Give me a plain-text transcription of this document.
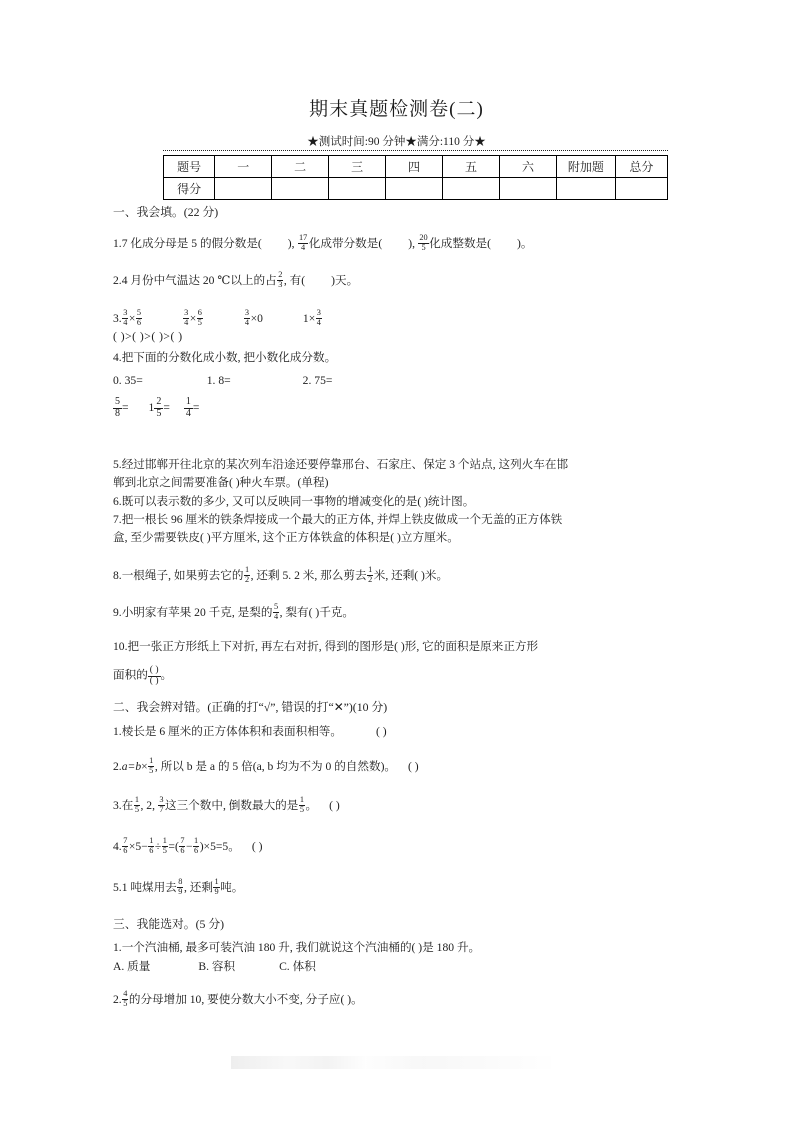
期末真题检测卷(二)
★测试时间:90 分钟★满分:110 分★
题号	一	二	三	四	五	六	附加题	总分
得分								
一、我会填。(22 分)
1.7 化成分母是 5 的假分数是( ), $\frac{17}{4}$ 化成带分数是( ), $\frac{20}{5}$ 化成整数是( )。
2.4 月份中气温达 20 ℃以上的占 $\frac{2}{3}$ , 有( )天。
3. $\frac{3}{4} \times \frac{5}{6}$	$\frac{3}{4} \times \frac{6}{5}$	$\frac{3}{4} \times 0$	$1\times \frac{3}{4}$
( )>( )>( )>( )
4.把下面的分数化成小数, 把小数化成分数。
0. 35=	1. 8=	2. 75=
$\frac{5}{8} = 1 \frac{2}{5} = \frac{1}{4}$ =
5.经过邯郸开往北京的某次列车沿途还要停靠邢台、石家庄、保定 3 个站点, 这列火车在邯
郸到北京之间需要准备( )种火车票。(单程)
6.既可以表示数的多少, 又可以反映同一事物的增减变化的是( )统计图。
7.把一根长 96 厘米的铁条焊接成一个最大的正方体, 并焊上铁皮做成一个无盖的正方体铁
盒, 至少需要铁皮( )平方厘米, 这个正方体铁盒的体积是( )立方厘米。
8.一根绳子, 如果剪去它的 $\frac{1}{2}$ , 还剩 5. 2 米, 那么剪去 $\frac{1}{2}$ 米, 还剩( )米。
9.小明家有苹果 20 千克, 是梨的 $\frac{5}{4}$ , 梨有( )千克。
10.把一张正方形纸上下对折, 再左右对折, 得到的图形是( )形, 它的面积是原来正方形
面积的 ( )
( ) 。
二、我会辨对错。(正确的打“√”, 错误的打“✕”)(10 分)
1.棱长是 6 厘米的正方体体积和表面积相等。	( )
$2.a=b\times \frac{1}{5}$ , 所以 b 是 a 的 5 倍(a, b 均为不为 0 的自然数)。 ( )
3.在 $\frac{1}{5}$ , 2, $\frac{3}{7}$ 这三个数中, 倒数最大的是 $\frac{1}{5}$ 。 ( )
4. $\frac{7}{6} \times 5- \frac{1}{6} \div \frac{1}{5}$ =( $\frac{7}{6} - \frac{1}{6} )\times 5=5$。 ( )
5.1 吨煤用去 $\frac{8}{9}$ , 还剩 $\frac{1}{9}$ 吨。
三、我能选对。(5 分)
1.一个汽油桶, 最多可装汽油 180 升, 我们就说这个汽油桶的( )是 180 升。
A. 质量	B. 容积	C. 体积
2. $\frac{4}{5}$ 的分母增加 10, 要使分数大小不变, 分子应( )。
